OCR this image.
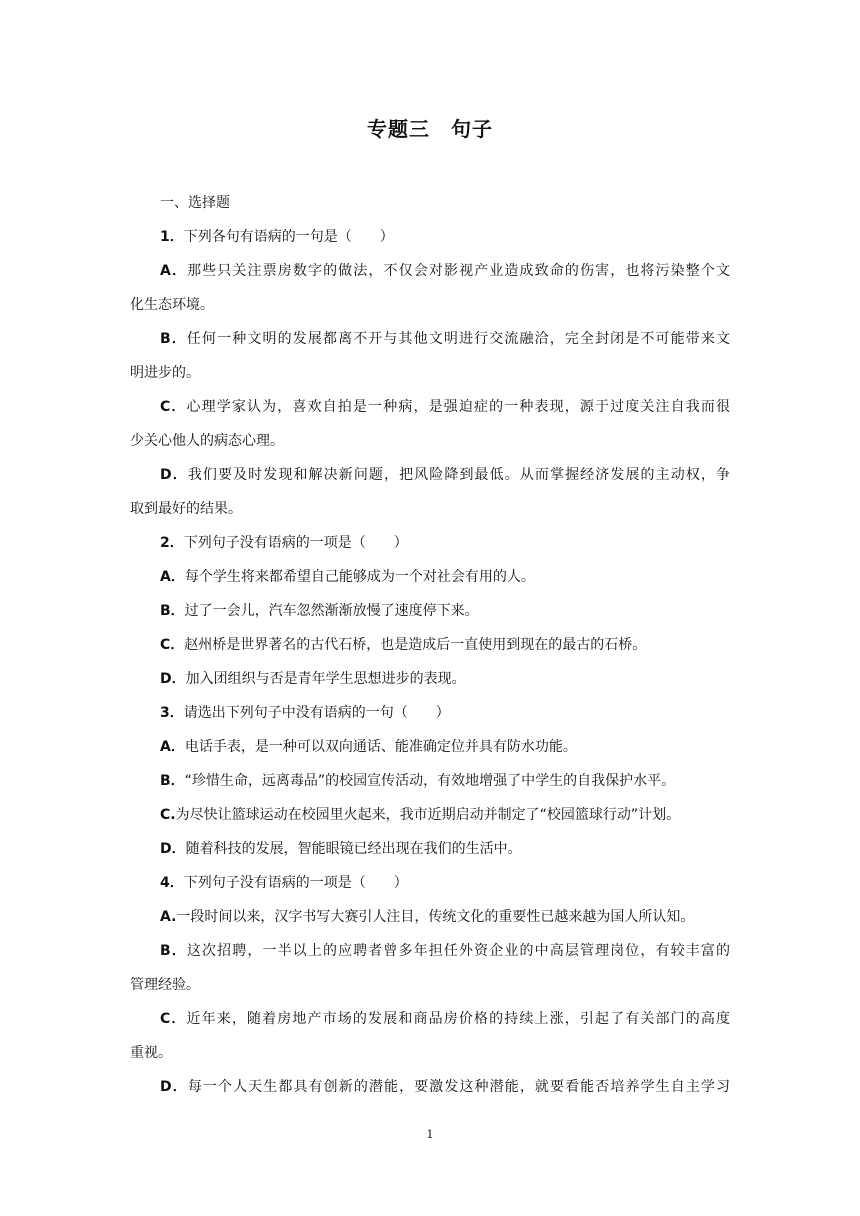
专题三　句子
一、选择题
1．下列各句有语病的一句是（　　）
A．那些只关注票房数字的做法，不仅会对影视产业造成致命的伤害，也将污染整个文
化生态环境。
B．任何一种文明的发展都离不开与其他文明进行交流融洽，完全封闭是不可能带来文
明进步的。
C．心理学家认为，喜欢自拍是一种病，是强迫症的一种表现，源于过度关注自我而很
少关心他人的病态心理。
D．我们要及时发现和解决新问题，把风险降到最低。从而掌握经济发展的主动权，争
取到最好的结果。
2．下列句子没有语病的一项是（　　）
A．每个学生将来都希望自己能够成为一个对社会有用的人。
B．过了一会儿，汽车忽然渐渐放慢了速度停下来。
C．赵州桥是世界著名的古代石桥，也是造成后一直使用到现在的最古的石桥。
D．加入团组织与否是青年学生思想进步的表现。
3．请选出下列句子中没有语病的一句（　　）
A．电话手表，是一种可以双向通话、能准确定位并具有防水功能。
B．“珍惜生命，远离毒品”的校园宣传活动，有效地增强了中学生的自我保护水平。
C.为尽快让篮球运动在校园里火起来，我市近期启动并制定了“校园篮球行动”计划。
D．随着科技的发展，智能眼镜已经出现在我们的生活中。
4．下列句子没有语病的一项是（　　）
A.一段时间以来，汉字书写大赛引人注目，传统文化的重要性已越来越为国人所认知。
B．这次招聘，一半以上的应聘者曾多年担任外资企业的中高层管理岗位，有较丰富的
管理经验。
C．近年来，随着房地产市场的发展和商品房价格的持续上涨，引起了有关部门的高度
重视。
D．每一个人天生都具有创新的潜能，要激发这种潜能，就要看能否培养学生自主学习
1
